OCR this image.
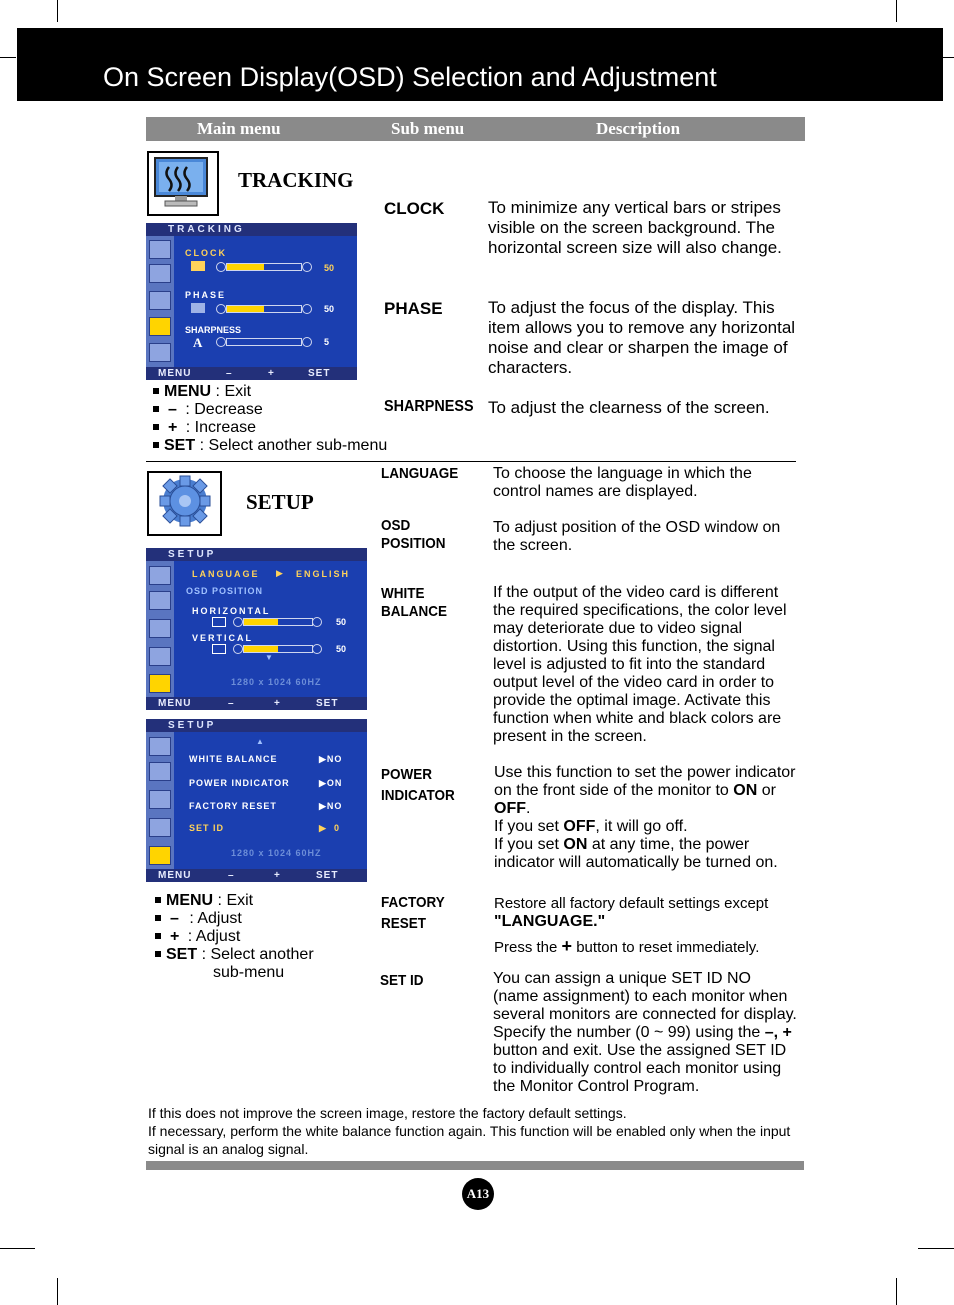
On Screen Display(OSD) Selection and Adjustment
Main menu	Sub menu	Description
TRACKING
TRACKING
CLOCK
50
PHASE
50
SHARPNESS
A	5
MENU	–	+	SET
MENU : Exit
– : Decrease
+ : Increase
SET : Select another sub-menu
CLOCK	To minimize any vertical bars or stripes visible on the screen background. The horizontal screen size will also change.
PHASE	To adjust the focus of the display. This item allows you to remove any horizontal noise and clear or sharpen the image of characters.
SHARPNESS To adjust the clearness of the screen.
SETUP
SETUP
LANGUAGE ▶ ENGLISH
OSD POSITION
HORIZONTAL
50
VERTICAL
50
▼
1280 x 1024 60HZ
MENU	–	+	SET
SETUP
▲
WHITE BALANCE	▶NO
POWER INDICATOR	▶ON
FACTORY RESET	▶NO
SET ID	▶  0
1280 x 1024 60HZ
MENU	–	+	SET
MENU : Exit
– : Adjust
+ : Adjust
SET : Select another
sub-menu
LANGUAGE To choose the language in which the control names are displayed.
OSD
POSITION
To adjust position of the OSD window on the screen.
WHITE
BALANCE
If the output of the video card is different the required specifications, the color level may deteriorate due to video signal distortion. Using this function, the signal level is adjusted to fit into the standard output level of the video card in order to provide the optimal image. Activate this function when white and black colors are present in the screen.
POWER
INDICATOR
Use this function to set the power indicator on the front side of the monitor to ON or OFF.
If you set OFF, it will go off.
If you set ON at any time, the power indicator will automatically be turned on.
FACTORY
RESET
Restore all factory default settings except
"LANGUAGE."
Press the + button to reset immediately.
SET ID	You can assign a unique SET ID NO (name assignment) to each monitor when several monitors are connected for display. Specify the number (0 ~ 99) using the –, + button and exit. Use the assigned SET ID to individually control each monitor using the Monitor Control Program.
If this does not improve the screen image, restore the factory default settings.
If necessary, perform the white balance function again. This function will be enabled only when the input signal is an analog signal.
A13
